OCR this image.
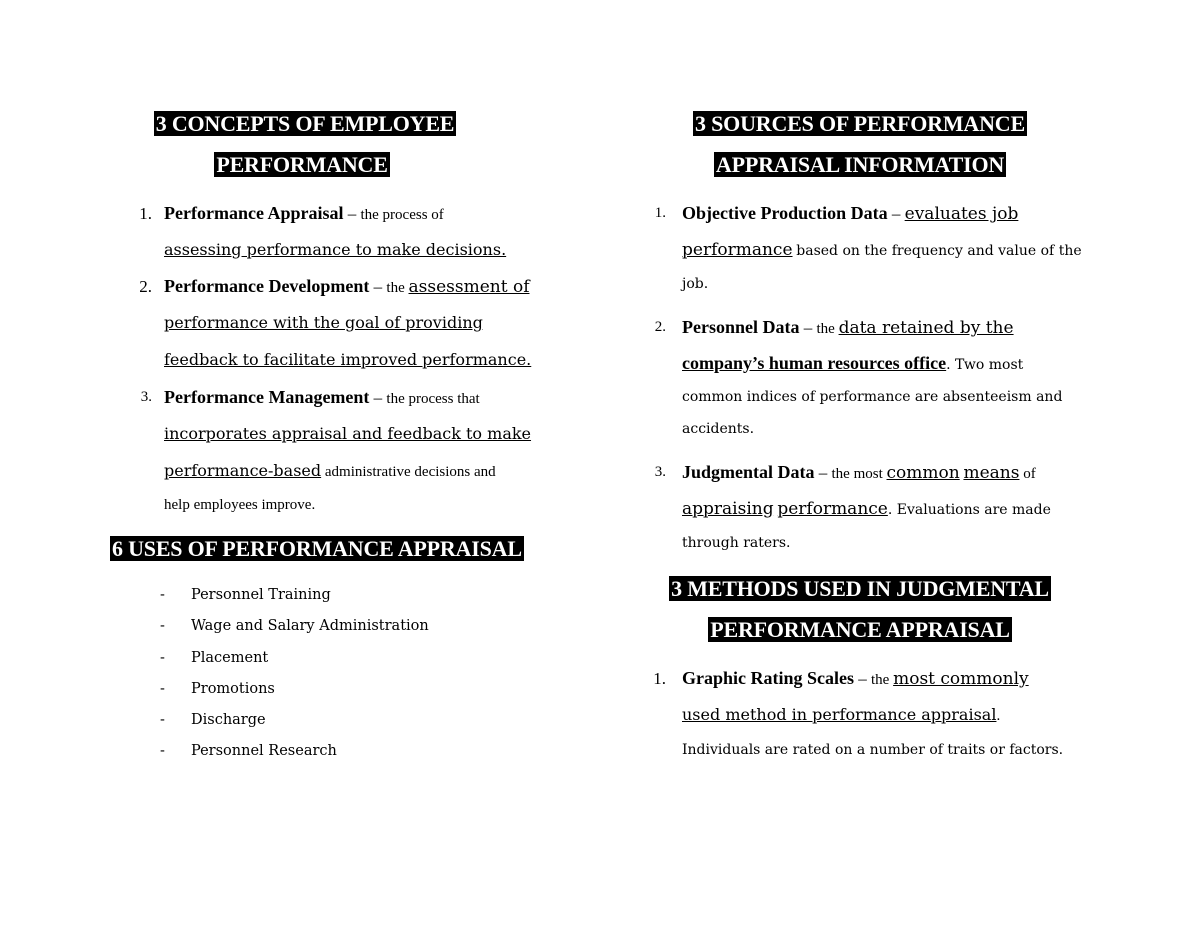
3 CONCEPTS OF EMPLOYEE
PERFORMANCE
1. Performance Appraisal – the process of
assessing performance to make decisions.
2. Performance Development – the assessment of
performance with the goal of providing
feedback to facilitate improved performance.
3. Performance Management – the process that
incorporates appraisal and feedback to make
performance-based administrative decisions and
help employees improve.
6 USES OF PERFORMANCE APPRAISAL
- Personnel Training
- Wage and Salary Administration
- Placement
- Promotions
- Discharge
- Personnel Research
3 SOURCES OF PERFORMANCE
APPRAISAL INFORMATION
1. Objective Production Data – evaluates job
performance based on the frequency and value of the
job.
2. Personnel Data – the data retained by the
company’s human resources office. Two most
common indices of performance are absenteeism and
accidents.
3. Judgmental Data – the most common means of
appraising performance. Evaluations are made
through raters.
3 METHODS USED IN JUDGMENTAL
PERFORMANCE APPRAISAL
1. Graphic Rating Scales – the most commonly
used method in performance appraisal.
Individuals are rated on a number of traits or factors.
